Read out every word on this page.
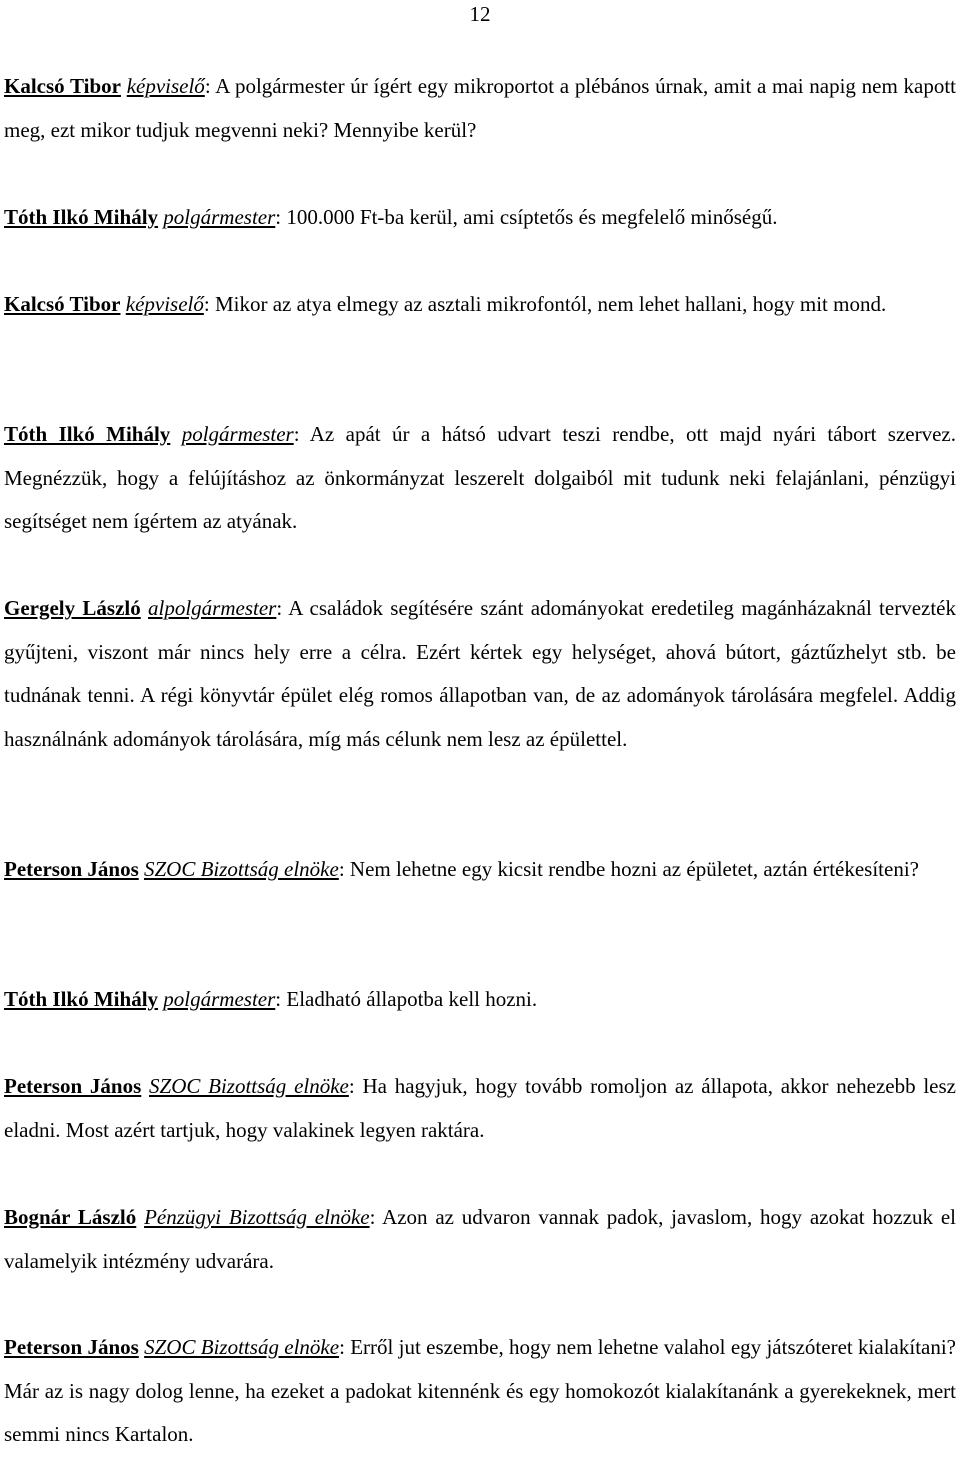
12

Kalcsó Tibor képviselő: A polgármester úr ígért egy mikroportot a plébános úrnak, amit a mai napig nem kapott meg, ezt mikor tudjuk megvenni neki? Mennyibe kerül?

Tóth Ilkó Mihály polgármester: 100.000 Ft-ba kerül, ami csíptetős és megfelelő minőségű.

Kalcsó Tibor képviselő: Mikor az atya elmegy az asztali mikrofontól, nem lehet hallani, hogy mit mond.

Tóth Ilkó Mihály polgármester: Az apát úr a hátsó udvart teszi rendbe, ott majd nyári tábort szervez. Megnézzük, hogy a felújításhoz az önkormányzat leszerelt dolgaiból mit tudunk neki felajánlani, pénzügyi segítséget nem ígértem az atyának.

Gergely László alpolgármester: A családok segítésére szánt adományokat eredetileg magánházaknál tervezték gyűjteni, viszont már nincs hely erre a célra. Ezért kértek egy helységet, ahová bútort, gáztűzhelyt stb. be tudnának tenni. A régi könyvtár épület elég romos állapotban van, de az adományok tárolására megfelel. Addig használnánk adományok tárolására, míg más célunk nem lesz az épülettel.

Peterson János SZOC Bizottság elnöke: Nem lehetne egy kicsit rendbe hozni az épületet, aztán értékesíteni?

Tóth Ilkó Mihály polgármester: Eladható állapotba kell hozni.

Peterson János SZOC Bizottság elnöke: Ha hagyjuk, hogy tovább romoljon az állapota, akkor nehezebb lesz eladni. Most azért tartjuk, hogy valakinek legyen raktára.

Bognár László Pénzügyi Bizottság elnöke: Azon az udvaron vannak padok, javaslom, hogy azokat hozzuk el valamelyik intézmény udvarára.

Peterson János SZOC Bizottság elnöke: Erről jut eszembe, hogy nem lehetne valahol egy játszóteret kialakítani? Már az is nagy dolog lenne, ha ezeket a padokat kitennénk és egy homokozót kialakítanánk a gyerekeknek, mert semmi nincs Kartalon.
